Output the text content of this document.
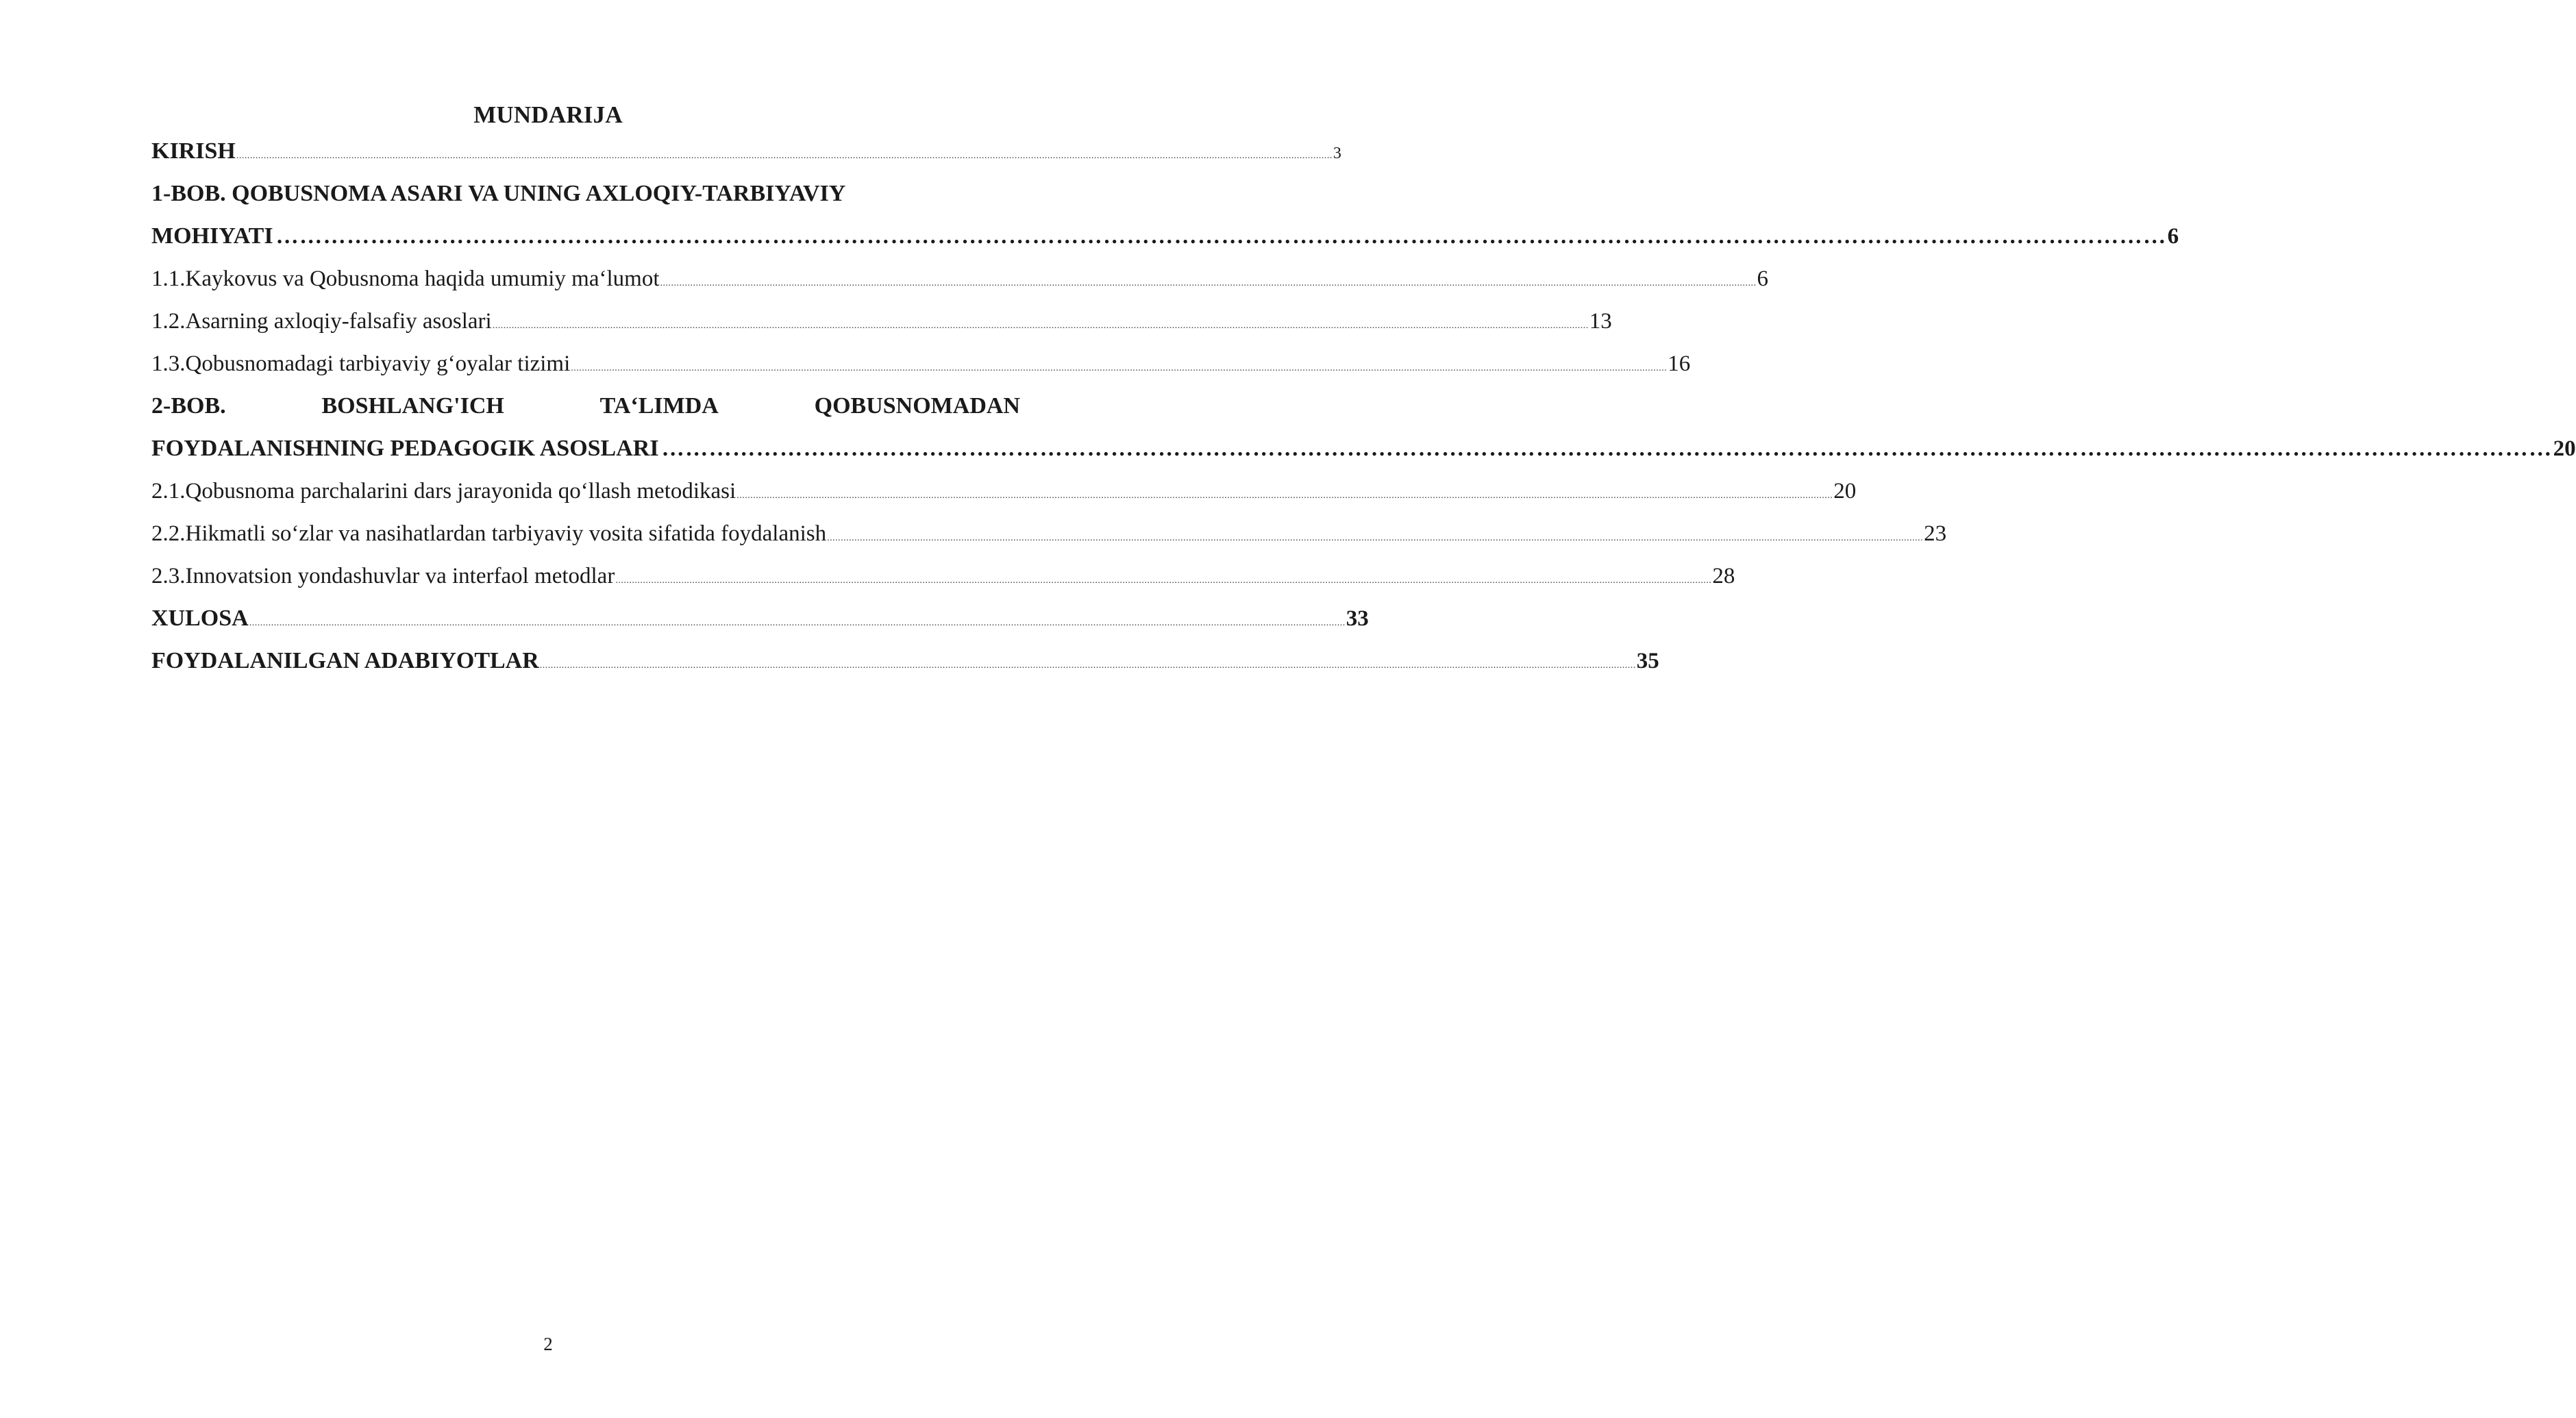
MUNDARIJA
KIRISH ................................................................................................................................................................................................................................................................................................................................................................................................................ 3
1-BOB. QOBUSNOMA ASARI VA UNING AXLOQIY-TARBIYAVIY
MOHIYATI …………………………………………………………………………………………………………………………………………………………………………………………………………………… 6
1.1.Kaykovus va Qobusnoma haqida umumiy ma‘lumot ................................................................................................................................................................................................................................................................................................................................................................................................................ 6
1.2.Asarning axloqiy-falsafiy asoslari ................................................................................................................................................................................................................................................................................................................................................................................................................ 13
1.3.Qobusnomadagi tarbiyaviy g‘oyalar tizimi ................................................................................................................................................................................................................................................................................................................................................................................................................ 16
2-BOB.	BOSHLANG'ICH	TA‘LIMDA	QOBUSNOMADAN
FOYDALANISHNING PEDAGOGIK ASOSLARI …………………………………………………………………………………………………………………………………………………………………………………………………………………… 20
2.1.Qobusnoma parchalarini dars jarayonida qo‘llash metodikasi ................................................................................................................................................................................................................................................................................................................................................................................................................ 20
2.2.Hikmatli so‘zlar va nasihatlardan tarbiyaviy vosita sifatida foydalanish ................................................................................................................................................................................................................................................................................................................................................................................................................ 23
2.3.Innovatsion yondashuvlar va interfaol metodlar ................................................................................................................................................................................................................................................................................................................................................................................................................ 28
XULOSA ................................................................................................................................................................................................................................................................................................................................................................................................................ 33
FOYDALANILGAN ADABIYOTLAR ................................................................................................................................................................................................................................................................................................................................................................................................................ 35
2
